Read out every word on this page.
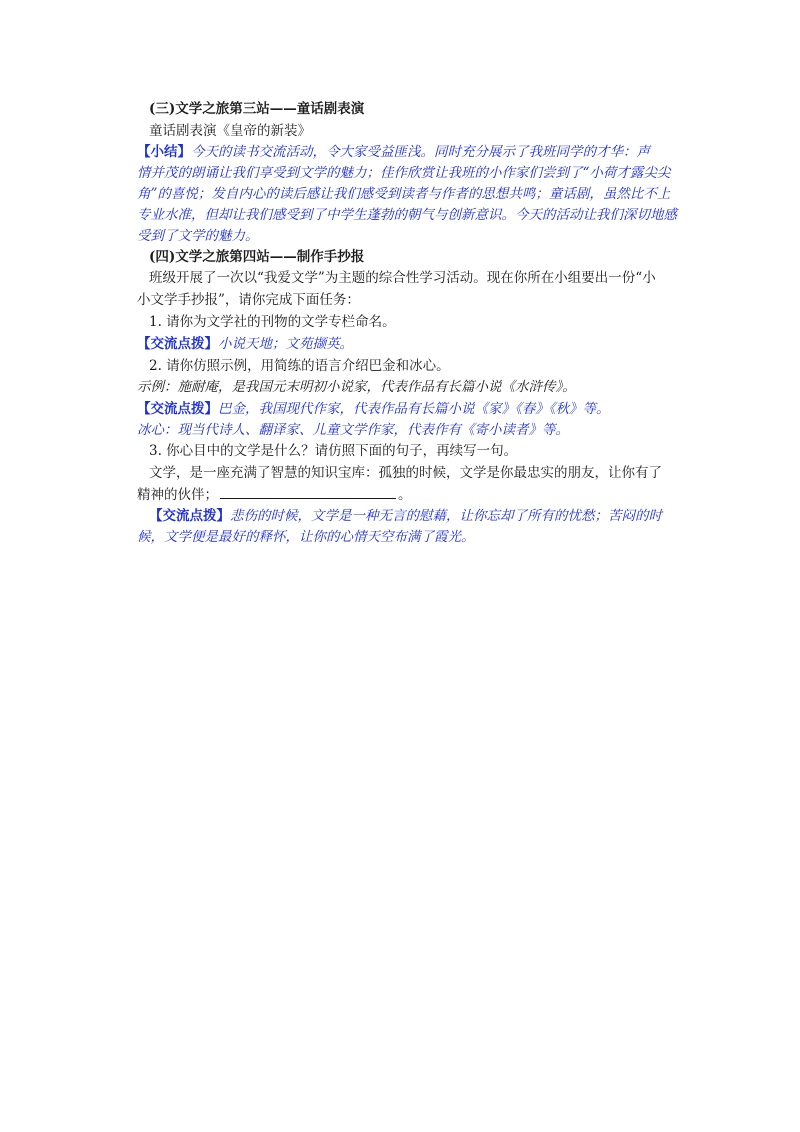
(三)文学之旅第三站——童话剧表演
童话剧表演《皇帝的新装》
【小结】今天的读书交流活动，令大家受益匪浅。同时充分展示了我班同学的才华：声
情并茂的朗诵让我们享受到文学的魅力；佳作欣赏让我班的小作家们尝到了“小荷才露尖尖
角”的喜悦；发自内心的读后感让我们感受到读者与作者的思想共鸣；童话剧，虽然比不上
专业水准，但却让我们感受到了中学生蓬勃的朝气与创新意识。今天的活动让我们深切地感
受到了文学的魅力。
(四)文学之旅第四站——制作手抄报
班级开展了一次以“我爱文学”为主题的综合性学习活动。现在你所在小组要出一份“小
小文学手抄报”，请你完成下面任务：
1. 请你为文学社的刊物的文学专栏命名。
【交流点拨】小说天地；文苑撷英。
2. 请你仿照示例，用简练的语言介绍巴金和冰心。
示例：施耐庵，是我国元末明初小说家，代表作品有长篇小说《水浒传》。
【交流点拨】巴金，我国现代作家，代表作品有长篇小说《家》《春》《秋》等。
冰心：现当代诗人、翻译家、儿童文学作家，代表作有《寄小读者》等。
3. 你心目中的文学是什么？请仿照下面的句子，再续写一句。
文学，是一座充满了智慧的知识宝库：孤独的时候，文学是你最忠实的朋友，让你有了
精神的伙伴；	。
【交流点拨】悲伤的时候，文学是一种无言的慰藉，让你忘却了所有的忧愁；苦闷的时
候，文学便是最好的释怀，让你的心情天空布满了霞光。
